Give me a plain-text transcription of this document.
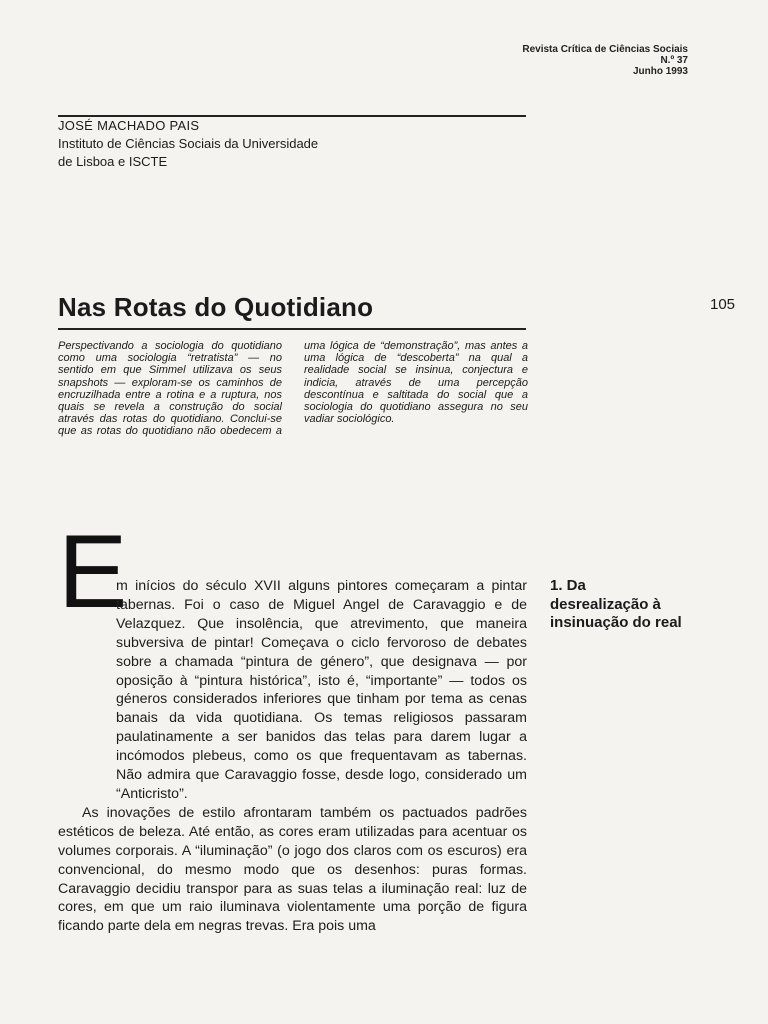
Revista Crítica de Ciências Sociais
N.º 37
Junho 1993
JOSÉ MACHADO PAIS
Instituto de Ciências Sociais da Universidade
de Lisboa e ISCTE
Nas Rotas do Quotidiano	105

Perspectivando a sociologia do quotidiano como uma sociologia “retratista” — no sentido em que Simmel utilizava os seus snapshots — exploram-se os caminhos de encruzilhada entre a rotina e a ruptura, nos quais se revela a construção do social através das rotas do quotidiano. Conclui-se que as rotas do quotidiano não obedecem a uma lógica de “demonstração”, mas antes a uma lógica de “descoberta” na qual a realidade social se insinua, conjectura e indicia, através de uma percepção descontínua e saltitada do social que a sociologia do quotidiano assegura no seu vadiar sociológico.

E

m inícios do século XVII alguns pintores começaram a pintar tabernas. Foi o caso de Miguel Angel de Caravaggio e de Velazquez. Que insolência, que atrevimento, que maneira subversiva de pintar! Começava o ciclo fervoroso de debates sobre a chamada “pintura de género”, que designava — por oposição à “pintura histórica”, isto é, “importante” — todos os géneros considerados inferiores que tinham por tema as cenas banais da vida quotidiana. Os temas religiosos passaram paulatinamente a ser banidos das telas para darem lugar a incómodos plebeus, como os que frequentavam as tabernas. Não admira que Caravaggio fosse, desde logo, considerado um “Anticristo”.

As inovações de estilo afrontaram também os pactuados padrões estéticos de beleza. Até então, as cores eram utilizadas para acentuar os volumes corporais. A “iluminação” (o jogo dos claros com os escuros) era convencional, do mesmo modo que os desenhos: puras formas. Caravaggio decidiu transpor para as suas telas a iluminação real: luz de cores, em que um raio iluminava violentamente uma porção de figura ficando parte dela em negras trevas. Era pois uma

1. Da desrealização à insinuação do real
